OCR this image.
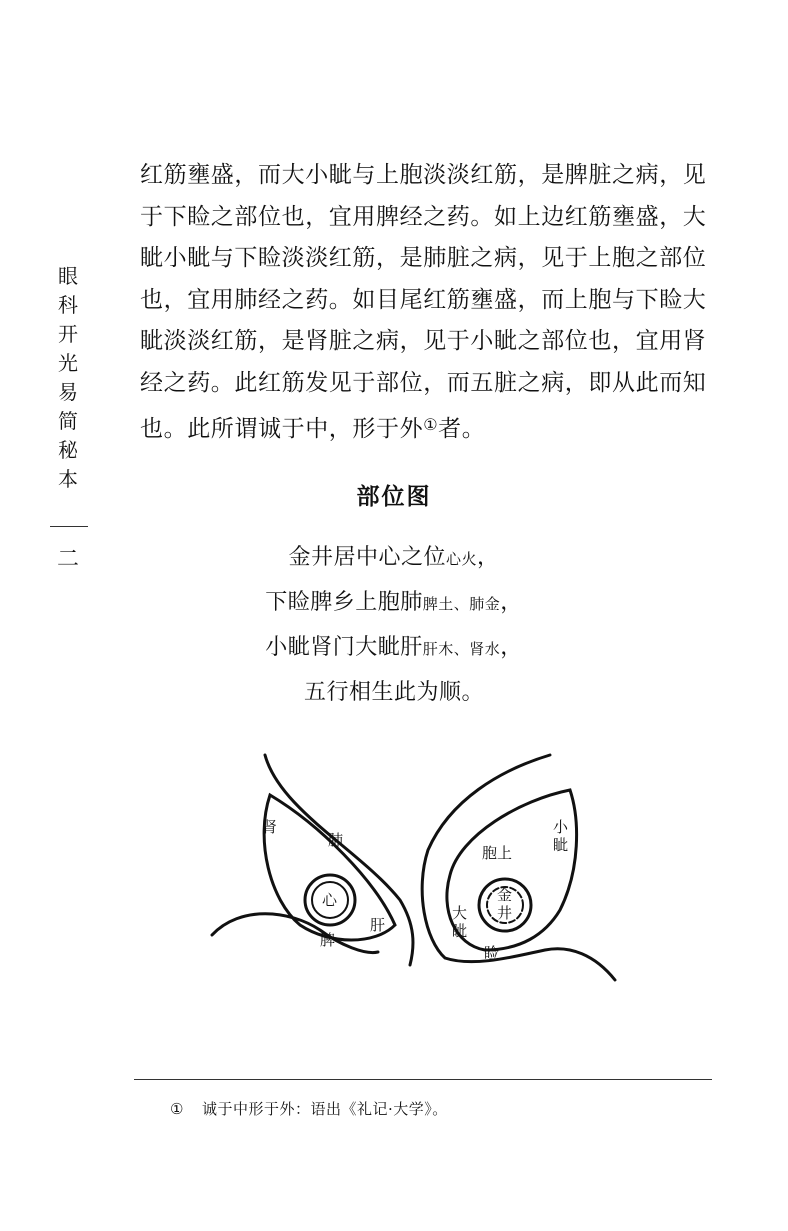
眼科开光易简秘本
二

红筋壅盛，而大小眦与上胞淡淡红筋，是脾脏之病，见于下睑之部位也，宜用脾经之药。如上边红筋壅盛，大眦小眦与下睑淡淡红筋，是肺脏之病，见于上胞之部位也，宜用肺经之药。如目尾红筋壅盛，而上胞与下睑大眦淡淡红筋，是肾脏之病，见于小眦之部位也，宜用肾经之药。此红筋发见于部位，而五脏之病，即从此而知也。此所谓诚于中，形于外①者。

部位图
金井居中心之位心火，
下睑脾乡上胞肺脾土、肺金，
小眦肾门大眦肝肝木、肾水，
五行相生此为顺。
肾
肺
心
肝
脾
小
眦
胞上
金
井
大
眦
睑
① 诚于中形于外：语出《礼记·大学》。
